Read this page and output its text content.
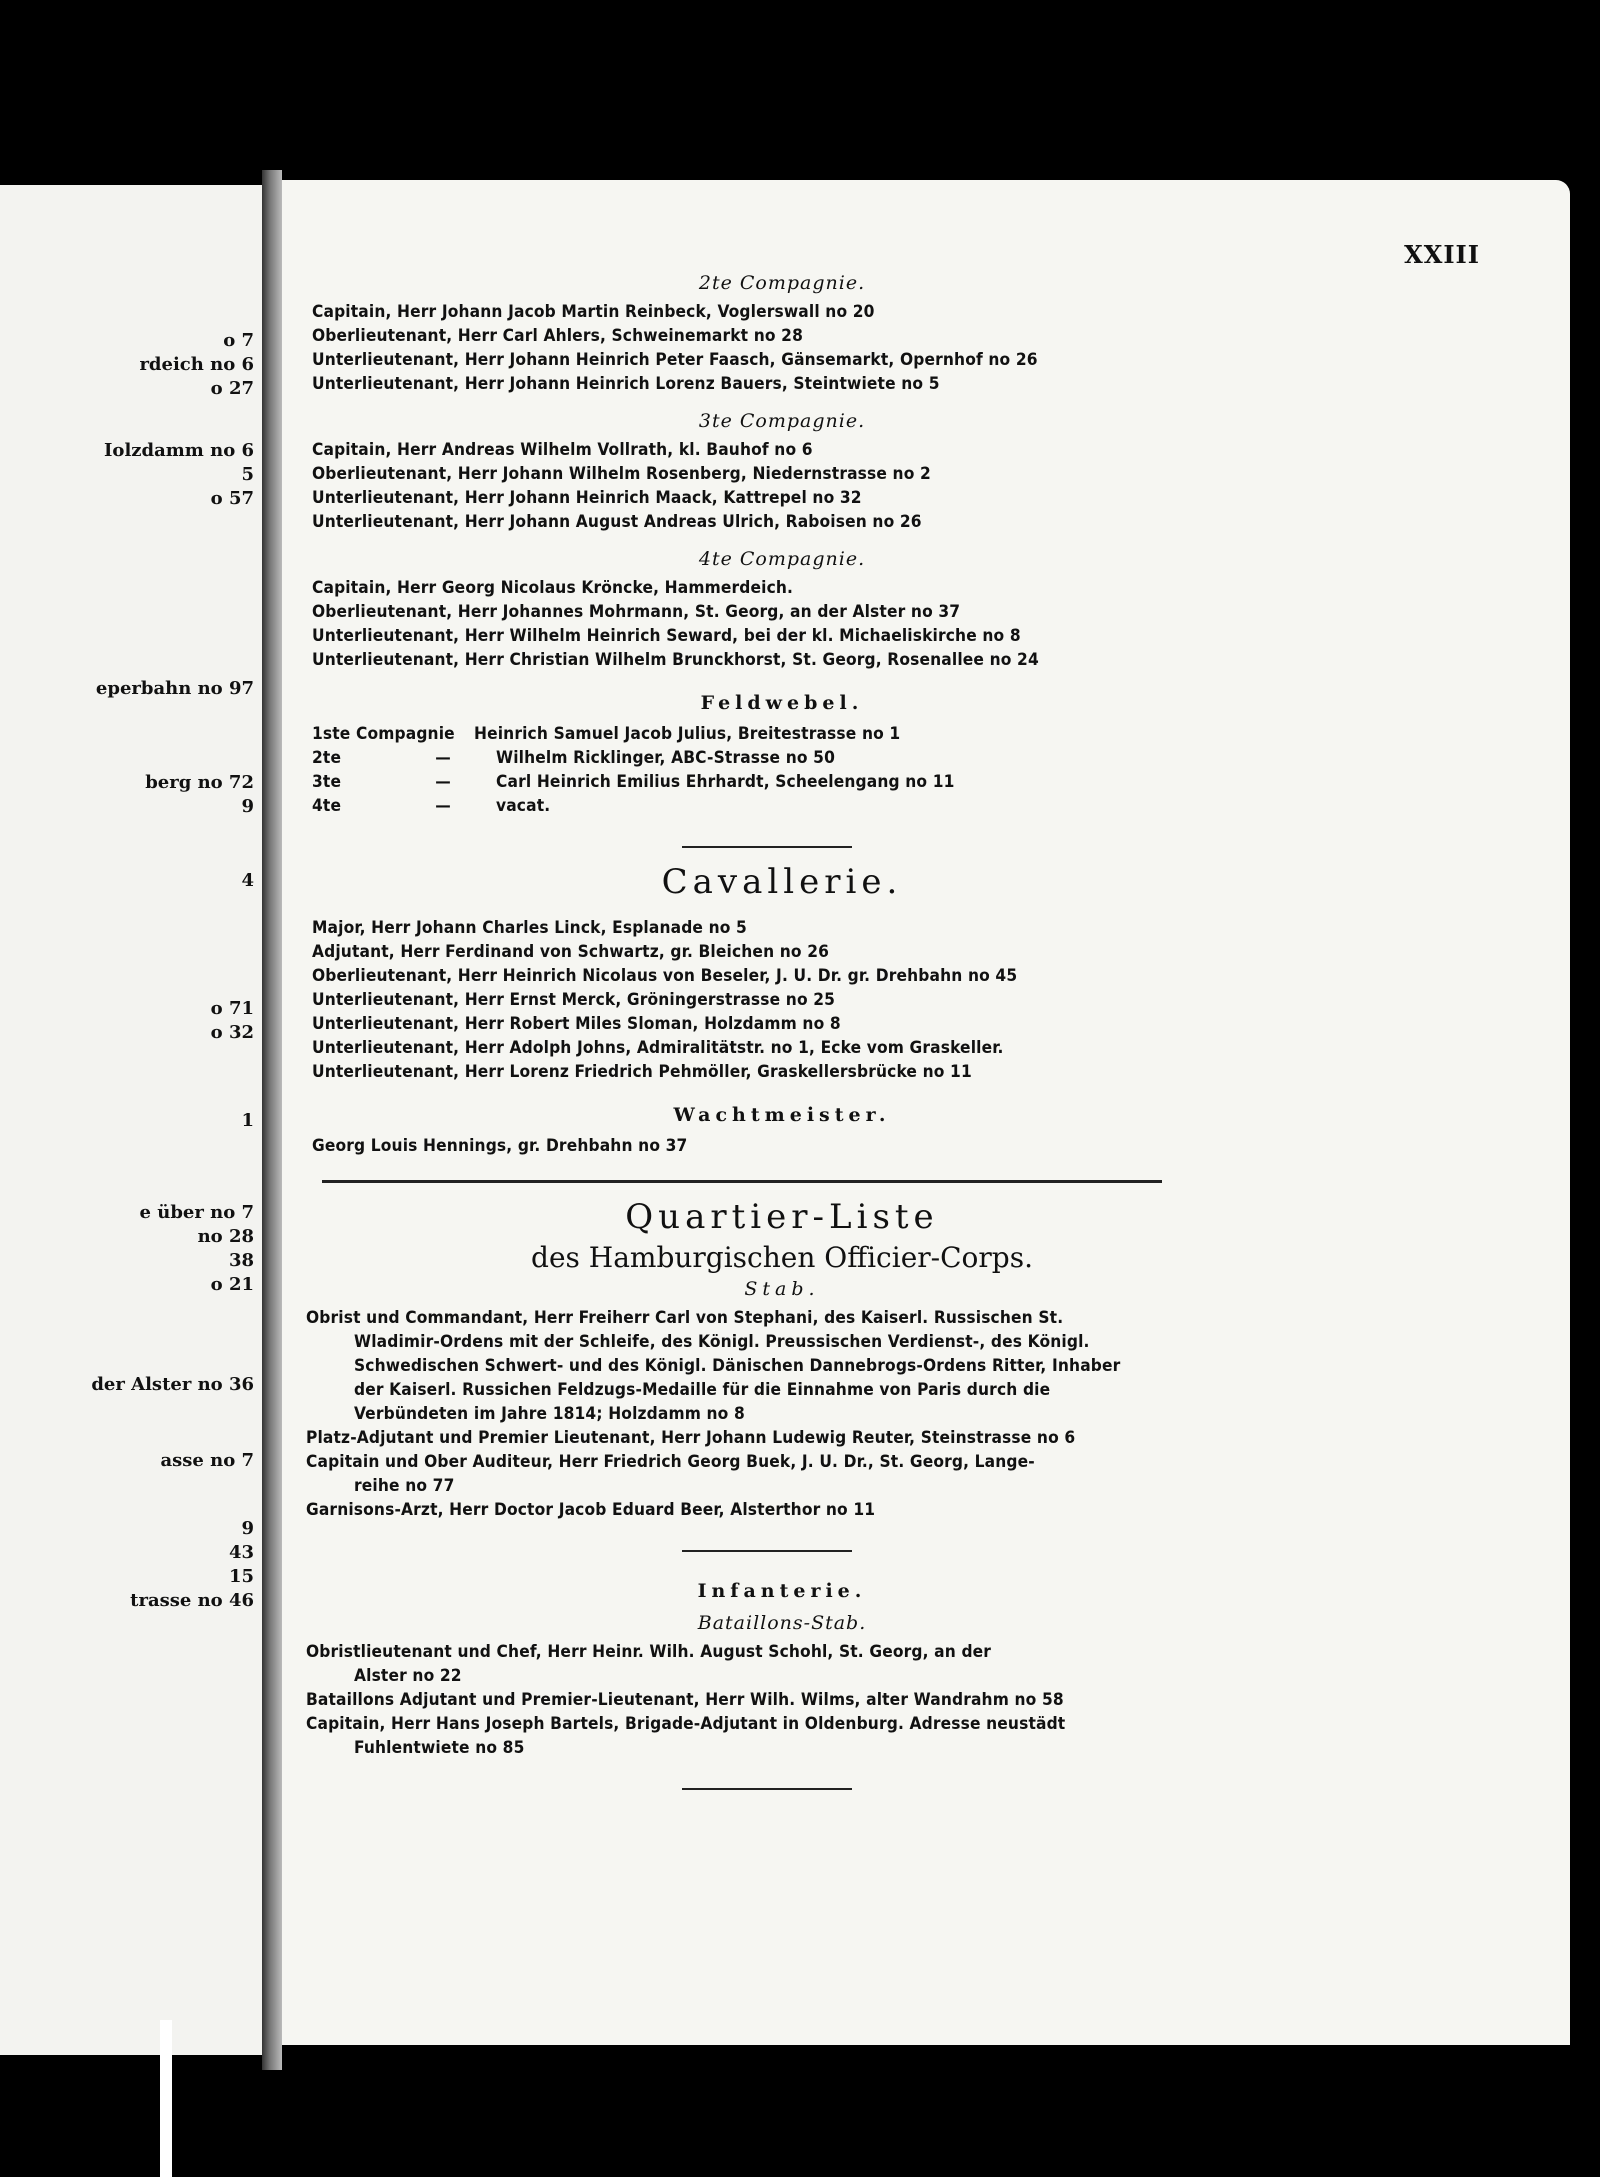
o 7
rdeich no 6
o 27
Iolzdamm no 6
5
o 57
eperbahn no 97
berg no 72
9
4
o 71
o 32
1
e über no 7
no 28
38
o 21
der Alster no 36
asse no 7
9
43
15
trasse no 46
XXIII
2te Compagnie.
Capitain, Herr Johann Jacob Martin Reinbeck, Voglerswall no 20
Oberlieutenant, Herr Carl Ahlers, Schweinemarkt no 28
Unterlieutenant, Herr Johann Heinrich Peter Faasch, Gänsemarkt, Opernhof no 26
Unterlieutenant, Herr Johann Heinrich Lorenz Bauers, Steintwiete no 5
3te Compagnie.
Capitain, Herr Andreas Wilhelm Vollrath, kl. Bauhof no 6
Oberlieutenant, Herr Johann Wilhelm Rosenberg, Niedernstrasse no 2
Unterlieutenant, Herr Johann Heinrich Maack, Kattrepel no 32
Unterlieutenant, Herr Johann August Andreas Ulrich, Raboisen no 26
4te Compagnie.
Capitain, Herr Georg Nicolaus Kröncke, Hammerdeich.
Oberlieutenant, Herr Johannes Mohrmann, St. Georg, an der Alster no 37
Unterlieutenant, Herr Wilhelm Heinrich Seward, bei der kl. Michaeliskirche no 8
Unterlieutenant, Herr Christian Wilhelm Brunckhorst, St. Georg, Rosenallee no 24
Feldwebel.
1ste Compagnie	Heinrich Samuel Jacob Julius, Breitestrasse no 1
2te	—	Wilhelm Ricklinger, ABC-Strasse no 50
3te	—	Carl Heinrich Emilius Ehrhardt, Scheelengang no 11
4te	—	vacat.
Cavallerie.
Major, Herr Johann Charles Linck, Esplanade no 5
Adjutant, Herr Ferdinand von Schwartz, gr. Bleichen no 26
Oberlieutenant, Herr Heinrich Nicolaus von Beseler, J. U. Dr. gr. Drehbahn no 45
Unterlieutenant, Herr Ernst Merck, Gröningerstrasse no 25
Unterlieutenant, Herr Robert Miles Sloman, Holzdamm no 8
Unterlieutenant, Herr Adolph Johns, Admiralitätstr. no 1, Ecke vom Graskeller.
Unterlieutenant, Herr Lorenz Friedrich Pehmöller, Graskellersbrücke no 11
Wachtmeister.
Georg Louis Hennings, gr. Drehbahn no 37
Quartier-Liste
des Hamburgischen Officier-Corps.
Stab.
Obrist und Commandant, Herr Freiherr Carl von Stephani, des Kaiserl. Russischen St.
Wladimir-Ordens mit der Schleife, des Königl. Preussischen Verdienst-, des Königl.
Schwedischen Schwert- und des Königl. Dänischen Dannebrogs-Ordens Ritter, Inhaber
der Kaiserl. Russichen Feldzugs-Medaille für die Einnahme von Paris durch die
Verbündeten im Jahre 1814; Holzdamm no 8
Platz-Adjutant und Premier Lieutenant, Herr Johann Ludewig Reuter, Steinstrasse no 6
Capitain und Ober Auditeur, Herr Friedrich Georg Buek, J. U. Dr., St. Georg, Lange-
reihe no 77
Garnisons-Arzt, Herr Doctor Jacob Eduard Beer, Alsterthor no 11
Infanterie.
Bataillons-Stab.
Obristlieutenant und Chef, Herr Heinr. Wilh. August Schohl, St. Georg, an der
Alster no 22
Bataillons Adjutant und Premier-Lieutenant, Herr Wilh. Wilms, alter Wandrahm no 58
Capitain, Herr Hans Joseph Bartels, Brigade-Adjutant in Oldenburg. Adresse neustädt
Fuhlentwiete no 85
